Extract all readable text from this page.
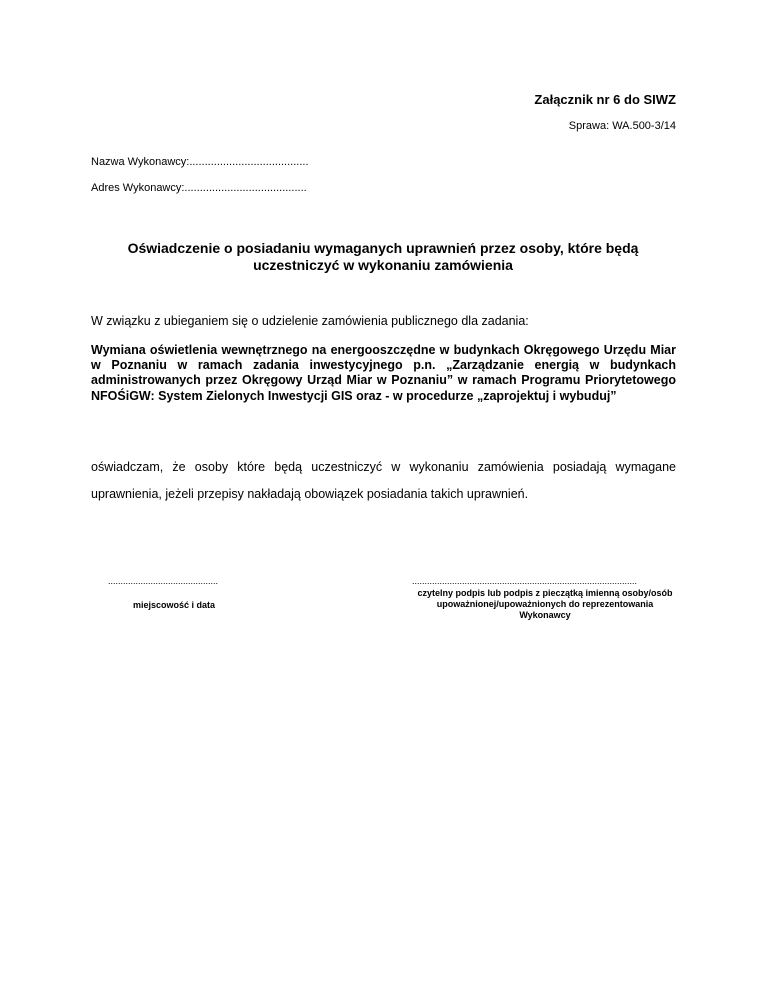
Załącznik nr 6 do SIWZ
Sprawa: WA.500-3/14
Nazwa Wykonawcy:.......................................
Adres Wykonawcy:........................................
Oświadczenie o posiadaniu wymaganych uprawnień przez osoby, które będą uczestniczyć w wykonaniu zamówienia
W związku z ubieganiem się o udzielenie zamówienia publicznego dla zadania:
Wymiana oświetlenia wewnętrznego na energooszczędne w budynkach Okręgowego Urzędu Miar w Poznaniu w ramach zadania inwestycyjnego p.n. „Zarządzanie energią w budynkach administrowanych przez Okręgowy Urząd Miar w Poznaniu” w ramach Programu Priorytetowego NFOŚiGW: System Zielonych Inwestycji GIS oraz - w procedurze „zaprojektuj i wybuduj”
oświadczam, że osoby które będą uczestniczyć w wykonaniu zamówienia posiadają wymagane uprawnienia, jeżeli przepisy nakładają obowiązek posiadania takich uprawnień.
............................................	..........................................................................................
miejscowość i data
czytelny podpis lub podpis z pieczątką imienną osoby/osób upoważnionej/upoważnionych do reprezentowania Wykonawcy
